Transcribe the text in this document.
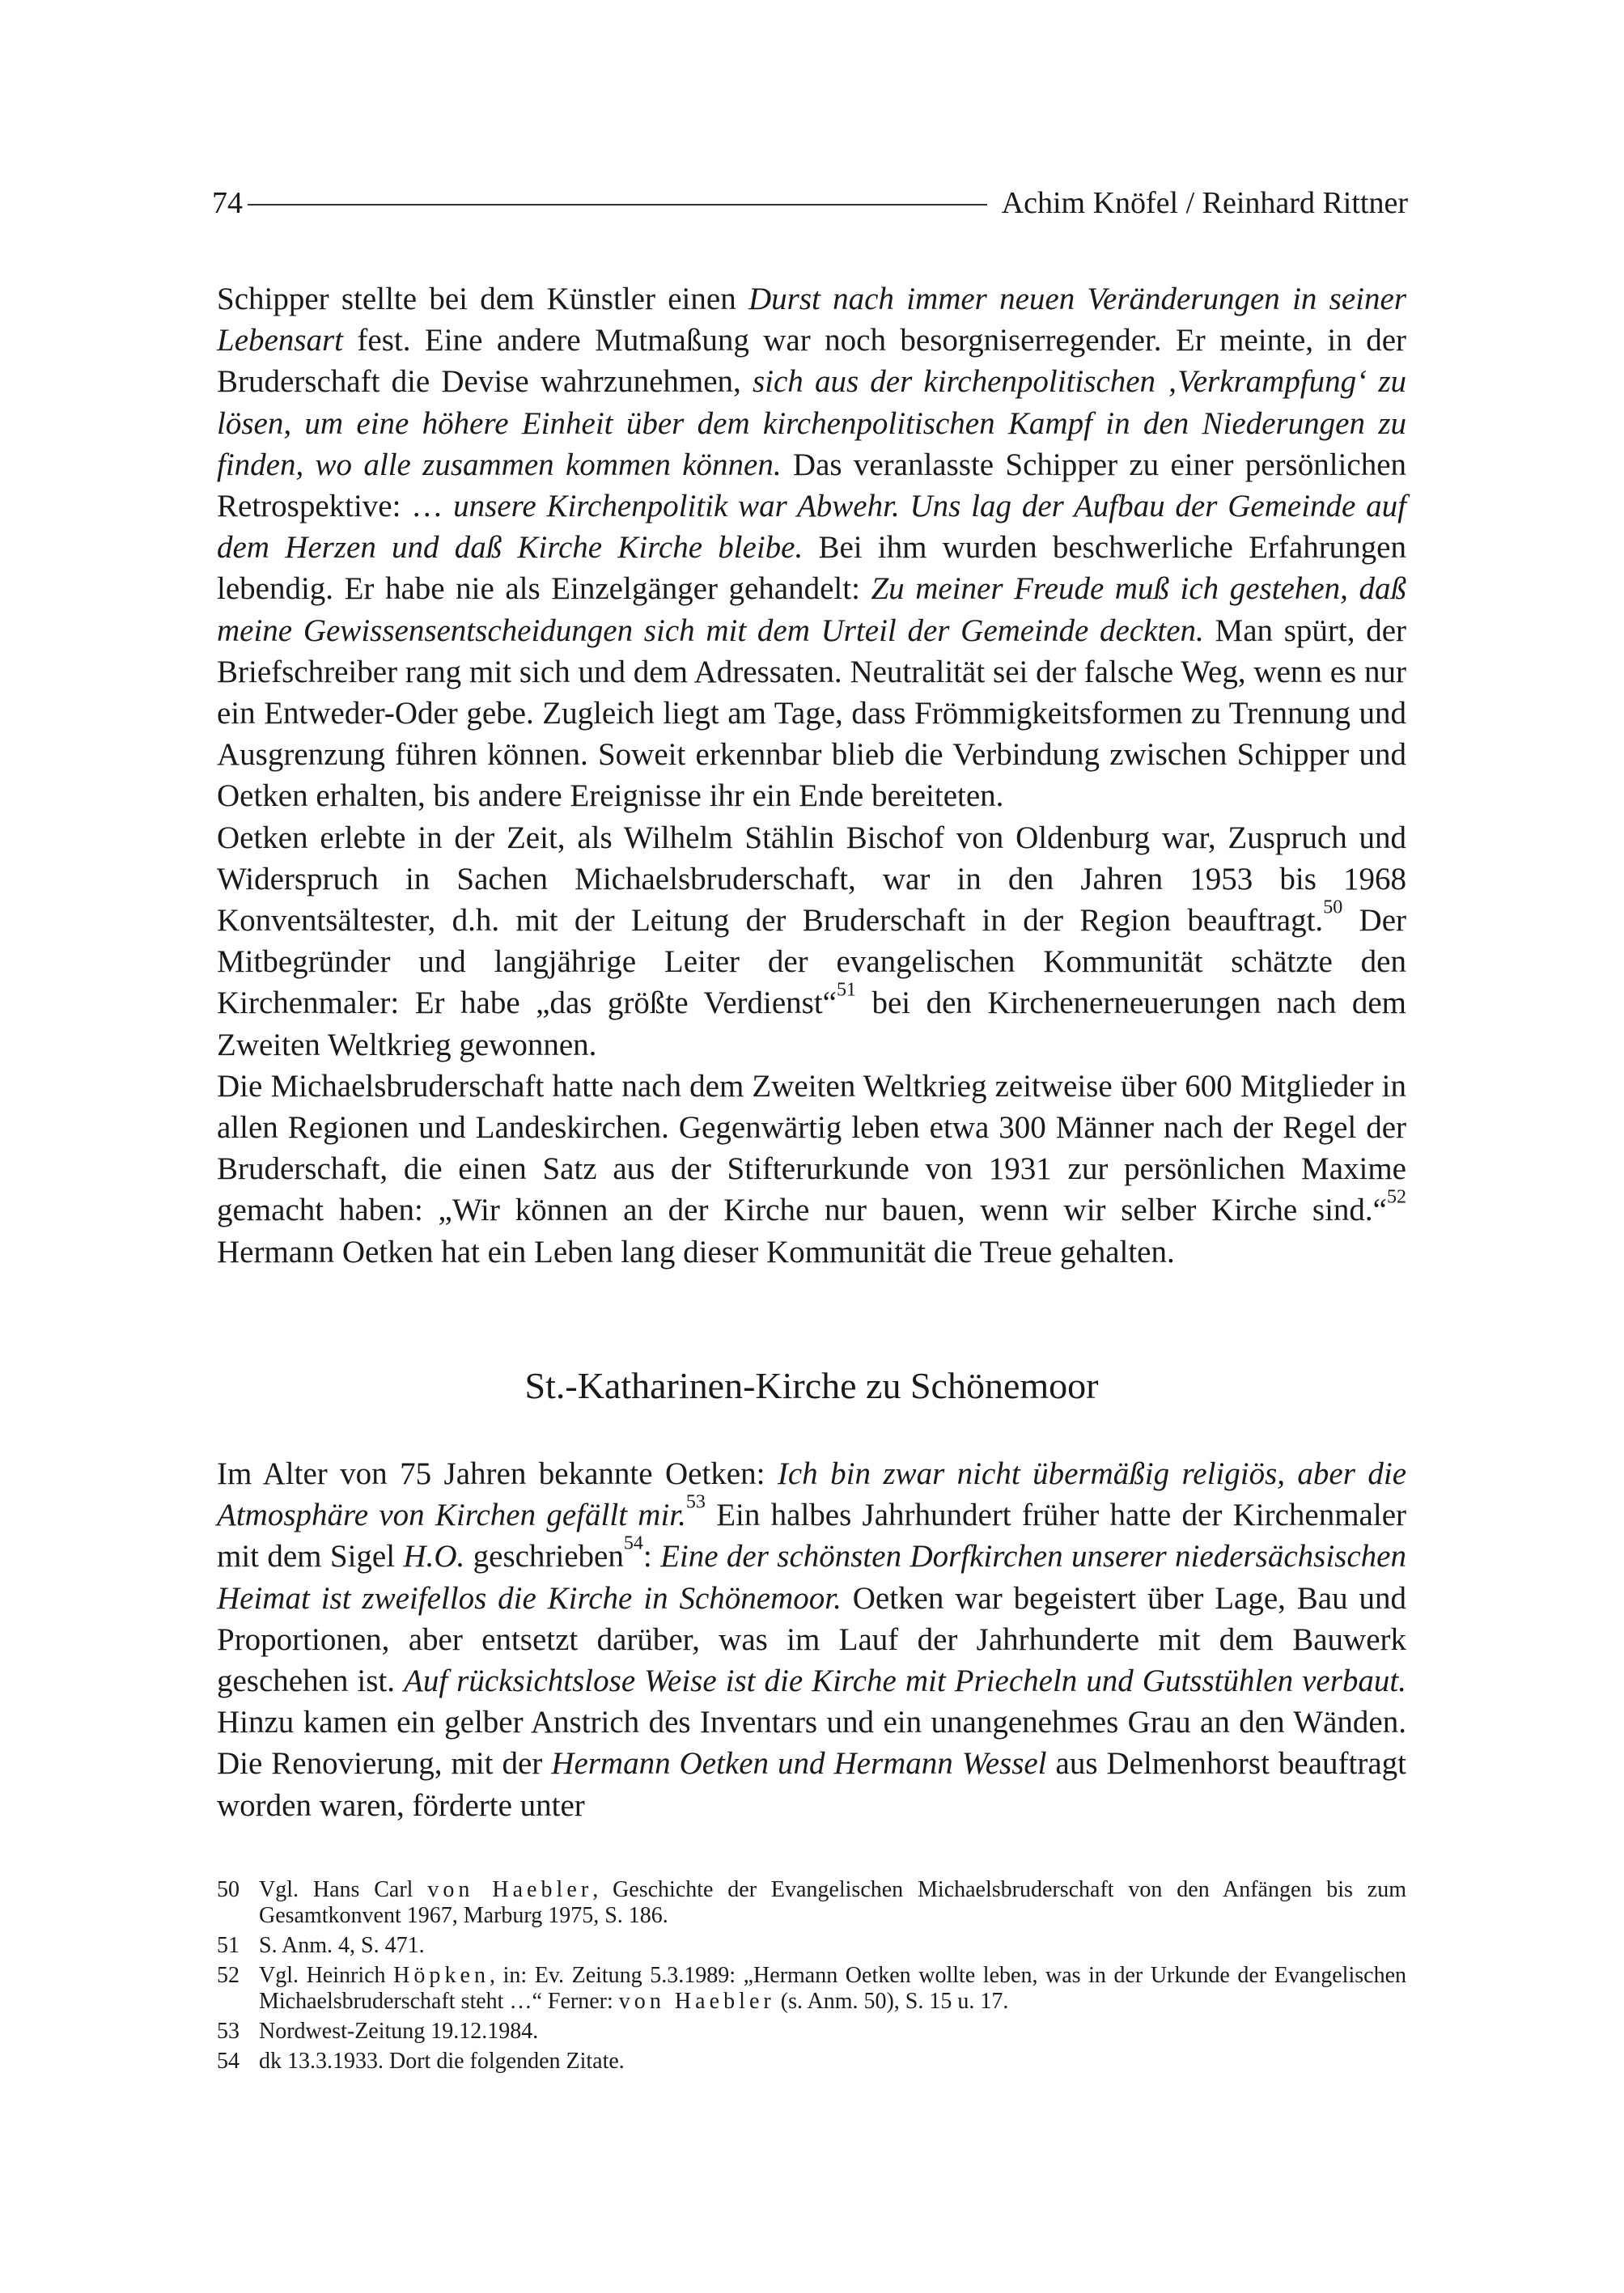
74	Achim Knöfel / Reinhard Rittner

Schipper stellte bei dem Künstler einen Durst nach immer neuen Veränderungen in seiner Lebensart fest. Eine andere Mutmaßung war noch besorgniserregender. Er meinte, in der Bruderschaft die Devise wahrzunehmen, sich aus der kirchenpolitischen ‚Verkrampfung‘ zu lösen, um eine höhere Einheit über dem kirchenpolitischen Kampf in den Niederungen zu finden, wo alle zusammen kommen können. Das veranlasste Schipper zu einer persönlichen Retrospektive: … unsere Kirchenpolitik war Abwehr. Uns lag der Aufbau der Gemeinde auf dem Herzen und daß Kirche Kirche bleibe. Bei ihm wurden beschwerliche Erfahrungen lebendig. Er habe nie als Einzelgänger gehandelt: Zu meiner Freude muß ich gestehen, daß meine Gewissensentscheidungen sich mit dem Urteil der Gemeinde deckten. Man spürt, der Briefschreiber rang mit sich und dem Adressaten. Neutralität sei der falsche Weg, wenn es nur ein Entweder-Oder gebe. Zugleich liegt am Tage, dass Frömmigkeitsformen zu Trennung und Ausgrenzung führen können. Soweit erkennbar blieb die Verbindung zwischen Schipper und Oetken erhalten, bis andere Ereignisse ihr ein Ende bereiteten.

Oetken erlebte in der Zeit, als Wilhelm Stählin Bischof von Oldenburg war, Zuspruch und Widerspruch in Sachen Michaelsbruderschaft, war in den Jahren 1953 bis 1968 Konventsältester, d.h. mit der Leitung der Bruderschaft in der Region beauftragt.$^{50}$ Der Mitbegründer und langjährige Leiter der evangelischen Kommunität schätzte den Kirchenmaler: Er habe „das größte Verdienst“$^{51}$ bei den Kirchenerneuerungen nach dem Zweiten Weltkrieg gewonnen.

Die Michaelsbruderschaft hatte nach dem Zweiten Weltkrieg zeitweise über 600 Mitglieder in allen Regionen und Landeskirchen. Gegenwärtig leben etwa 300 Männer nach der Regel der Bruderschaft, die einen Satz aus der Stifterurkunde von 1931 zur persönlichen Maxime gemacht haben: „Wir können an der Kirche nur bauen, wenn wir selber Kirche sind.“$^{52}$ Hermann Oetken hat ein Leben lang dieser Kommunität die Treue gehalten.

St.-Katharinen-Kirche zu Schönemoor

Im Alter von 75 Jahren bekannte Oetken: Ich bin zwar nicht übermäßig religiös, aber die Atmosphäre von Kirchen gefällt mir.$^{53}$ Ein halbes Jahrhundert früher hatte der Kirchenmaler mit dem Sigel H.O. geschrieben$^{54}$: Eine der schönsten Dorfkirchen unserer niedersächsischen Heimat ist zweifellos die Kirche in Schönemoor. Oetken war begeistert über Lage, Bau und Proportionen, aber entsetzt darüber, was im Lauf der Jahrhunderte mit dem Bauwerk geschehen ist. Auf rücksichtslose Weise ist die Kirche mit Priecheln und Gutsstühlen verbaut. Hinzu kamen ein gelber Anstrich des Inventars und ein unangenehmes Grau an den Wänden. Die Renovierung, mit der Hermann Oetken und Hermann Wessel aus Delmenhorst beauftragt worden waren, förderte unter

50 Vgl. Hans Carl von Haebler, Geschichte der Evangelischen Michaelsbruderschaft von den Anfängen bis zum Gesamtkonvent 1967, Marburg 1975, S. 186.
51 S. Anm. 4, S. 471.
52 Vgl. Heinrich Höpken, in: Ev. Zeitung 5.3.1989: „Hermann Oetken wollte leben, was in der Urkunde der Evangelischen Michaelsbruderschaft steht …“ Ferner: von Haebler (s. Anm. 50), S. 15 u. 17.
53 Nordwest-Zeitung 19.12.1984.
54 dk 13.3.1933. Dort die folgenden Zitate.
